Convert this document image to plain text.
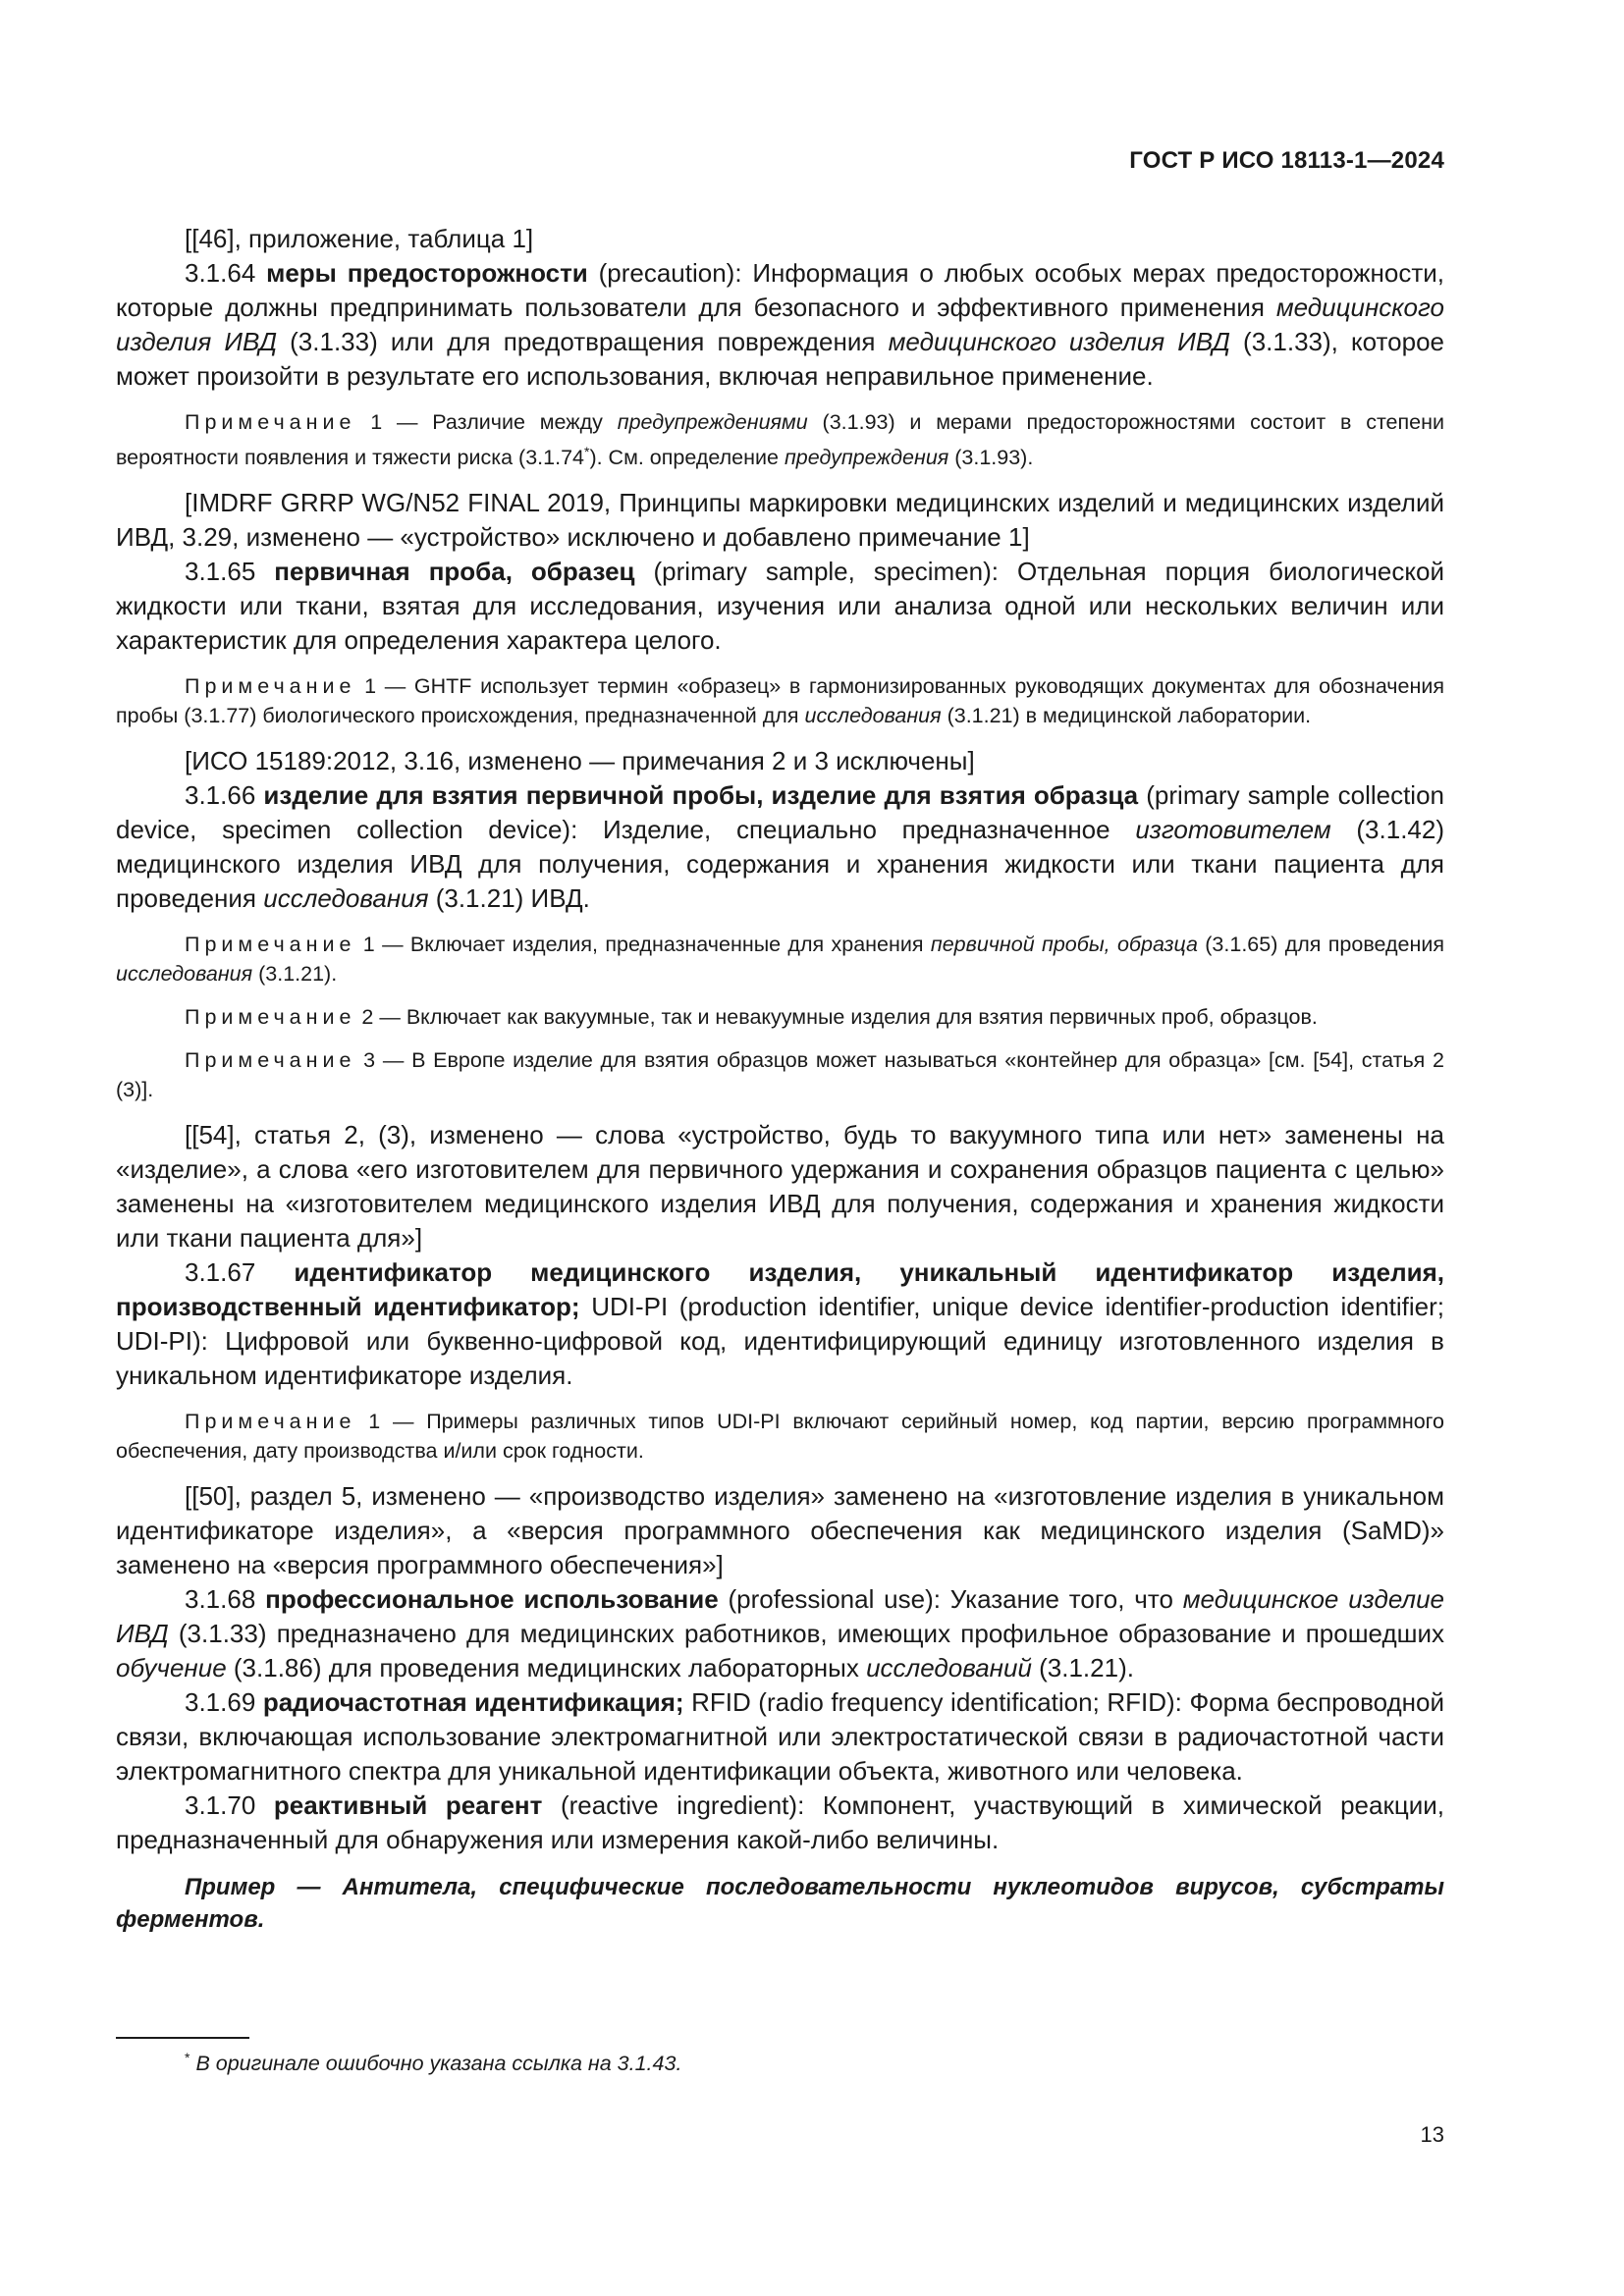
ГОСТ Р ИСО 18113-1—2024

[[46], приложение, таблица 1]

3.1.64 меры предосторожности (precaution): Информация о любых особых мерах предосторожности, которые должны предпринимать пользователи для безопасного и эффективного применения медицинского изделия ИВД (3.1.33) или для предотвращения повреждения медицинского изделия ИВД (3.1.33), которое может произойти в результате его использования, включая неправильное применение.

Примечание 1 — Различие между предупреждениями (3.1.93) и мерами предосторожностями состоит в степени вероятности появления и тяжести риска (3.1.74*). См. определение предупреждения (3.1.93).

[IMDRF GRRP WG/N52 FINAL 2019, Принципы маркировки медицинских изделий и медицинских изделий ИВД, 3.29, изменено — «устройство» исключено и добавлено примечание 1]

3.1.65 первичная проба, образец (primary sample, specimen): Отдельная порция биологической жидкости или ткани, взятая для исследования, изучения или анализа одной или нескольких величин или характеристик для определения характера целого.

Примечание 1 — GHTF использует термин «образец» в гармонизированных руководящих документах для обозначения пробы (3.1.77) биологического происхождения, предназначенной для исследования (3.1.21) в медицинской лаборатории.

[ИСО 15189:2012, 3.16, изменено — примечания 2 и 3 исключены]

3.1.66 изделие для взятия первичной пробы, изделие для взятия образца (primary sample collection device, specimen collection device): Изделие, специально предназначенное изготовителем (3.1.42) медицинского изделия ИВД для получения, содержания и хранения жидкости или ткани пациента для проведения исследования (3.1.21) ИВД.

Примечание 1 — Включает изделия, предназначенные для хранения первичной пробы, образца (3.1.65) для проведения исследования (3.1.21).

Примечание 2 — Включает как вакуумные, так и невакуумные изделия для взятия первичных проб, образцов.

Примечание 3 — В Европе изделие для взятия образцов может называться «контейнер для образца» [см. [54], статья 2 (3)].

[[54], статья 2, (3), изменено — слова «устройство, будь то вакуумного типа или нет» заменены на «изделие», а слова «его изготовителем для первичного удержания и сохранения образцов пациента с целью» заменены на «изготовителем медицинского изделия ИВД для получения, содержания и хранения жидкости или ткани пациента для»]

3.1.67 идентификатор медицинского изделия, уникальный идентификатор изделия, производственный идентификатор; UDI-PI (production identifier, unique device identifier-production identifier; UDI-PI): Цифровой или буквенно-цифровой код, идентифицирующий единицу изготовленного изделия в уникальном идентификаторе изделия.

Примечание 1 — Примеры различных типов UDI-PI включают серийный номер, код партии, версию программного обеспечения, дату производства и/или срок годности.

[[50], раздел 5, изменено — «производство изделия» заменено на «изготовление изделия в уникальном идентификаторе изделия», а «версия программного обеспечения как медицинского изделия (SaMD)» заменено на «версия программного обеспечения»]

3.1.68 профессиональное использование (professional use): Указание того, что медицинское изделие ИВД (3.1.33) предназначено для медицинских работников, имеющих профильное образование и прошедших обучение (3.1.86) для проведения медицинских лабораторных исследований (3.1.21).

3.1.69 радиочастотная идентификация; RFID (radio frequency identification; RFID): Форма беспроводной связи, включающая использование электромагнитной или электростатической связи в радиочастотной части электромагнитного спектра для уникальной идентификации объекта, животного или человека.

3.1.70 реактивный реагент (reactive ingredient): Компонент, участвующий в химической реакции, предназначенный для обнаружения или измерения какой-либо величины.

Пример — Антитела, специфические последовательности нуклеотидов вирусов, субстраты ферментов.

* В оригинале ошибочно указана ссылка на 3.1.43.
13
